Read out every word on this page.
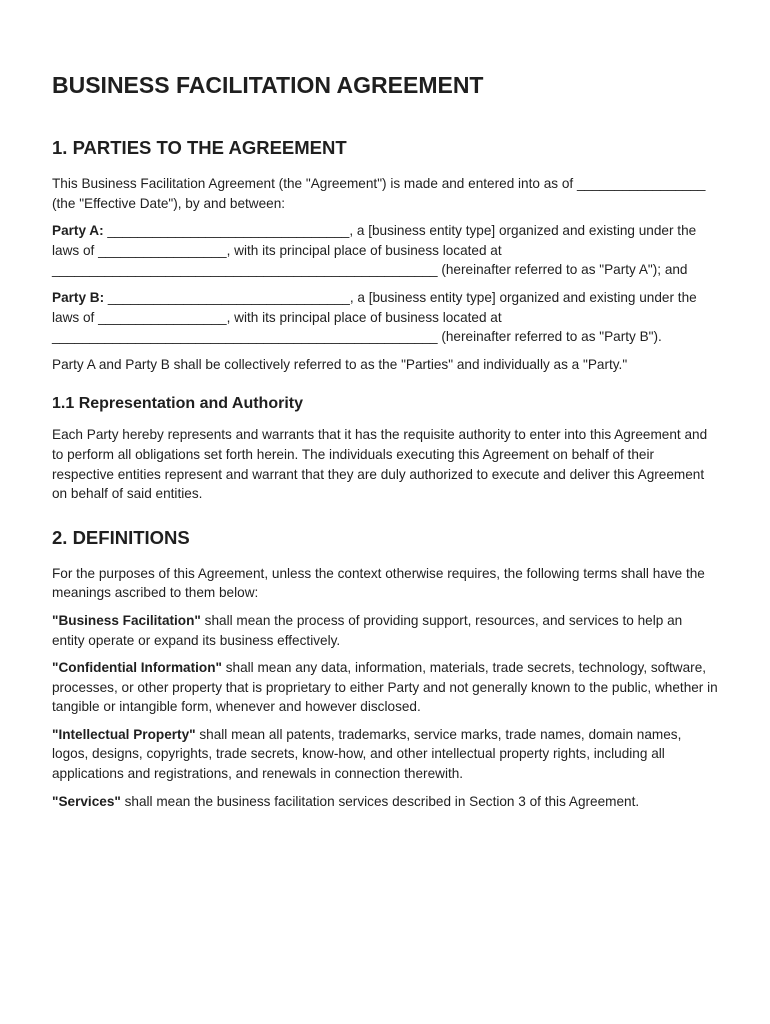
BUSINESS FACILITATION AGREEMENT
1. PARTIES TO THE AGREEMENT

This Business Facilitation Agreement (the "Agreement") is made and entered into as of _________________ (the "Effective Date"), by and between:

Party A: ________________________________, a [business entity type] organized and existing under the laws of _________________, with its principal place of business located at ___________________________________________________ (hereinafter referred to as "Party A"); and

Party B: ________________________________, a [business entity type] organized and existing under the laws of _________________, with its principal place of business located at ___________________________________________________ (hereinafter referred to as "Party B").

Party A and Party B shall be collectively referred to as the "Parties" and individually as a "Party."

1.1 Representation and Authority

Each Party hereby represents and warrants that it has the requisite authority to enter into this Agreement and to perform all obligations set forth herein. The individuals executing this Agreement on behalf of their respective entities represent and warrant that they are duly authorized to execute and deliver this Agreement on behalf of said entities.

2. DEFINITIONS

For the purposes of this Agreement, unless the context otherwise requires, the following terms shall have the meanings ascribed to them below:

"Business Facilitation" shall mean the process of providing support, resources, and services to help an entity operate or expand its business effectively.

"Confidential Information" shall mean any data, information, materials, trade secrets, technology, software, processes, or other property that is proprietary to either Party and not generally known to the public, whether in tangible or intangible form, whenever and however disclosed.

"Intellectual Property" shall mean all patents, trademarks, service marks, trade names, domain names, logos, designs, copyrights, trade secrets, know-how, and other intellectual property rights, including all applications and registrations, and renewals in connection therewith.

"Services" shall mean the business facilitation services described in Section 3 of this Agreement.
